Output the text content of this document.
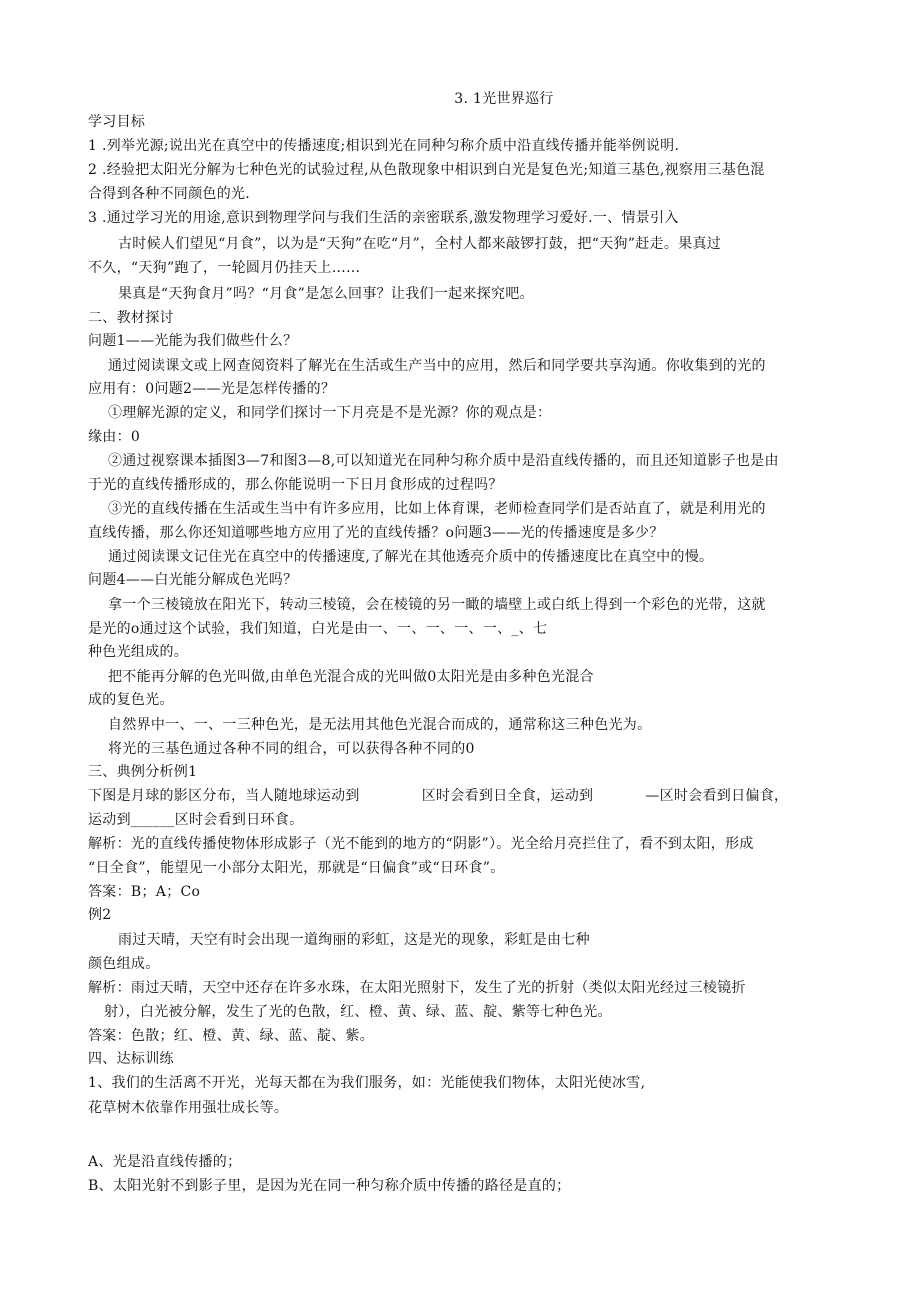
3. 1光世界巡行
学习目标
1 .列举光源;说出光在真空中的传播速度;相识到光在同种匀称介质中沿直线传播并能举例说明.
2 .经验把太阳光分解为七种色光的试验过程,从色散现象中相识到白光是复色光;知道三基色,视察用三基色混
合得到各种不同颜色的光.
3 .通过学习光的用途,意识到物理学问与我们生活的亲密联系,激发物理学习爱好.一、情景引入
古时候人们望见“月食”，以为是“天狗”在吃“月”，全村人都来敲锣打鼓，把“天狗”赶走。果真过
不久，“天狗”跑了，一轮圆月仍挂天上……
果真是“天狗食月”吗？“月食”是怎么回事？让我们一起来探究吧。
二、教材探讨
问题1——光能为我们做些什么？
通过阅读课文或上网查阅资料了解光在生活或生产当中的应用，然后和同学要共享沟通。你收集到的光的
应用有：0问题2——光是怎样传播的？
①理解光源的定义，和同学们探讨一下月亮是不是光源？你的观点是：
缘由：0
②通过视察课本插图3—7和图3—8,可以知道光在同种匀称介质中是沿直线传播的，而且还知道影子也是由
于光的直线传播形成的，那么你能说明一下日月食形成的过程吗？
③光的直线传播在生活或生当中有许多应用，比如上体育课，老师检查同学们是否站直了，就是利用光的
直线传播，那么你还知道哪些地方应用了光的直线传播？o问题3——光的传播速度是多少？
通过阅读课文记住光在真空中的传播速度,了解光在其他透亮介质中的传播速度比在真空中的慢。
问题4——白光能分解成色光吗？
拿一个三棱镜放在阳光下，转动三棱镜，会在棱镜的另一瞰的墙壁上或白纸上得到一个彩色的光带，这就
是光的o通过这个试验，我们知道，白光是由一、一、一、一、一、_、七
种色光组成的。
把不能再分解的色光叫做,由单色光混合成的光叫做0太阳光是由多种色光混合
成的复色光。
自然界中一、一、一三种色光，是无法用其他色光混合而成的，通常称这三种色光为。
将光的三基色通过各种不同的组合，可以获得各种不同的0
三、典例分析例1
下图是月球的影区分布，当人随地球运动到	区时会看到日全食，运动到	—区时会看到日偏食，
运动到______区时会看到日环食。
解析：光的直线传播使物体形成影子（光不能到的地方的“阴影”）。光全给月亮拦住了，看不到太阳，形成
“日全食”，能望见一小部分太阳光，那就是“日偏食”或“日环食”。
答案：B；A；Co
例2
雨过天晴，天空有时会出现一道绚丽的彩虹，这是光的现象，彩虹是由七种
颜色组成。
解析：雨过天晴，天空中还存在许多水珠，在太阳光照射下，发生了光的折射（类似太阳光经过三棱镜折
射），白光被分解，发生了光的色散，红、橙、黄、绿、蓝、靛、紫等七种色光。
答案：色散；红、橙、黄、绿、蓝、靛、紫。
四、达标训练
1、我们的生活离不开光，光每天都在为我们服务，如：光能使我们物体，太阳光使冰雪,
花草树木依靠作用强壮成长等。
A、光是沿直线传播的；
B、太阳光射不到影子里，是因为光在同一种匀称介质中传播的路径是直的；
